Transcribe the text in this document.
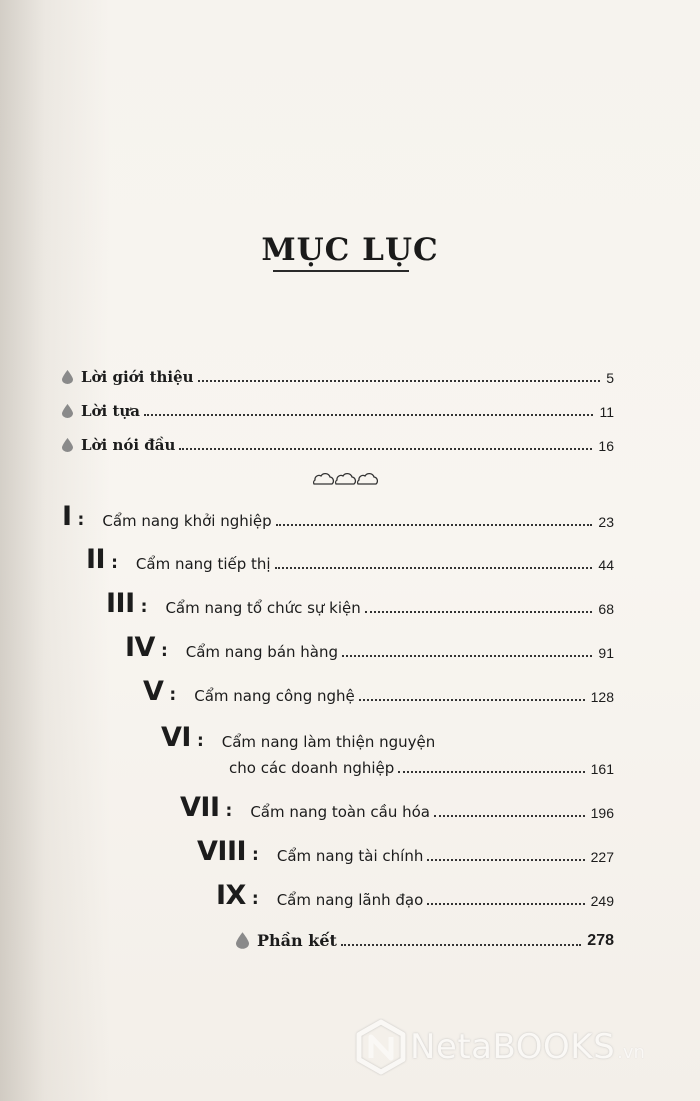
MỤC LỤC
Lời giới thiệu	5
Lời tựa	11
Lời nói đầu	16
I : Cẩm nang khởi nghiệp	23
II : Cẩm nang tiếp thị	44
III : Cẩm nang tổ chức sự kiện	68
IV : Cẩm nang bán hàng	91
V : Cẩm nang công nghệ	128
VI : Cẩm nang làm thiện nguyện
cho các doanh nghiệp	161
VII : Cẩm nang toàn cầu hóa	196
VIII : Cẩm nang tài chính	227
IX : Cẩm nang lãnh đạo	249
Phần kết	278
NetaBOOKS .vn
